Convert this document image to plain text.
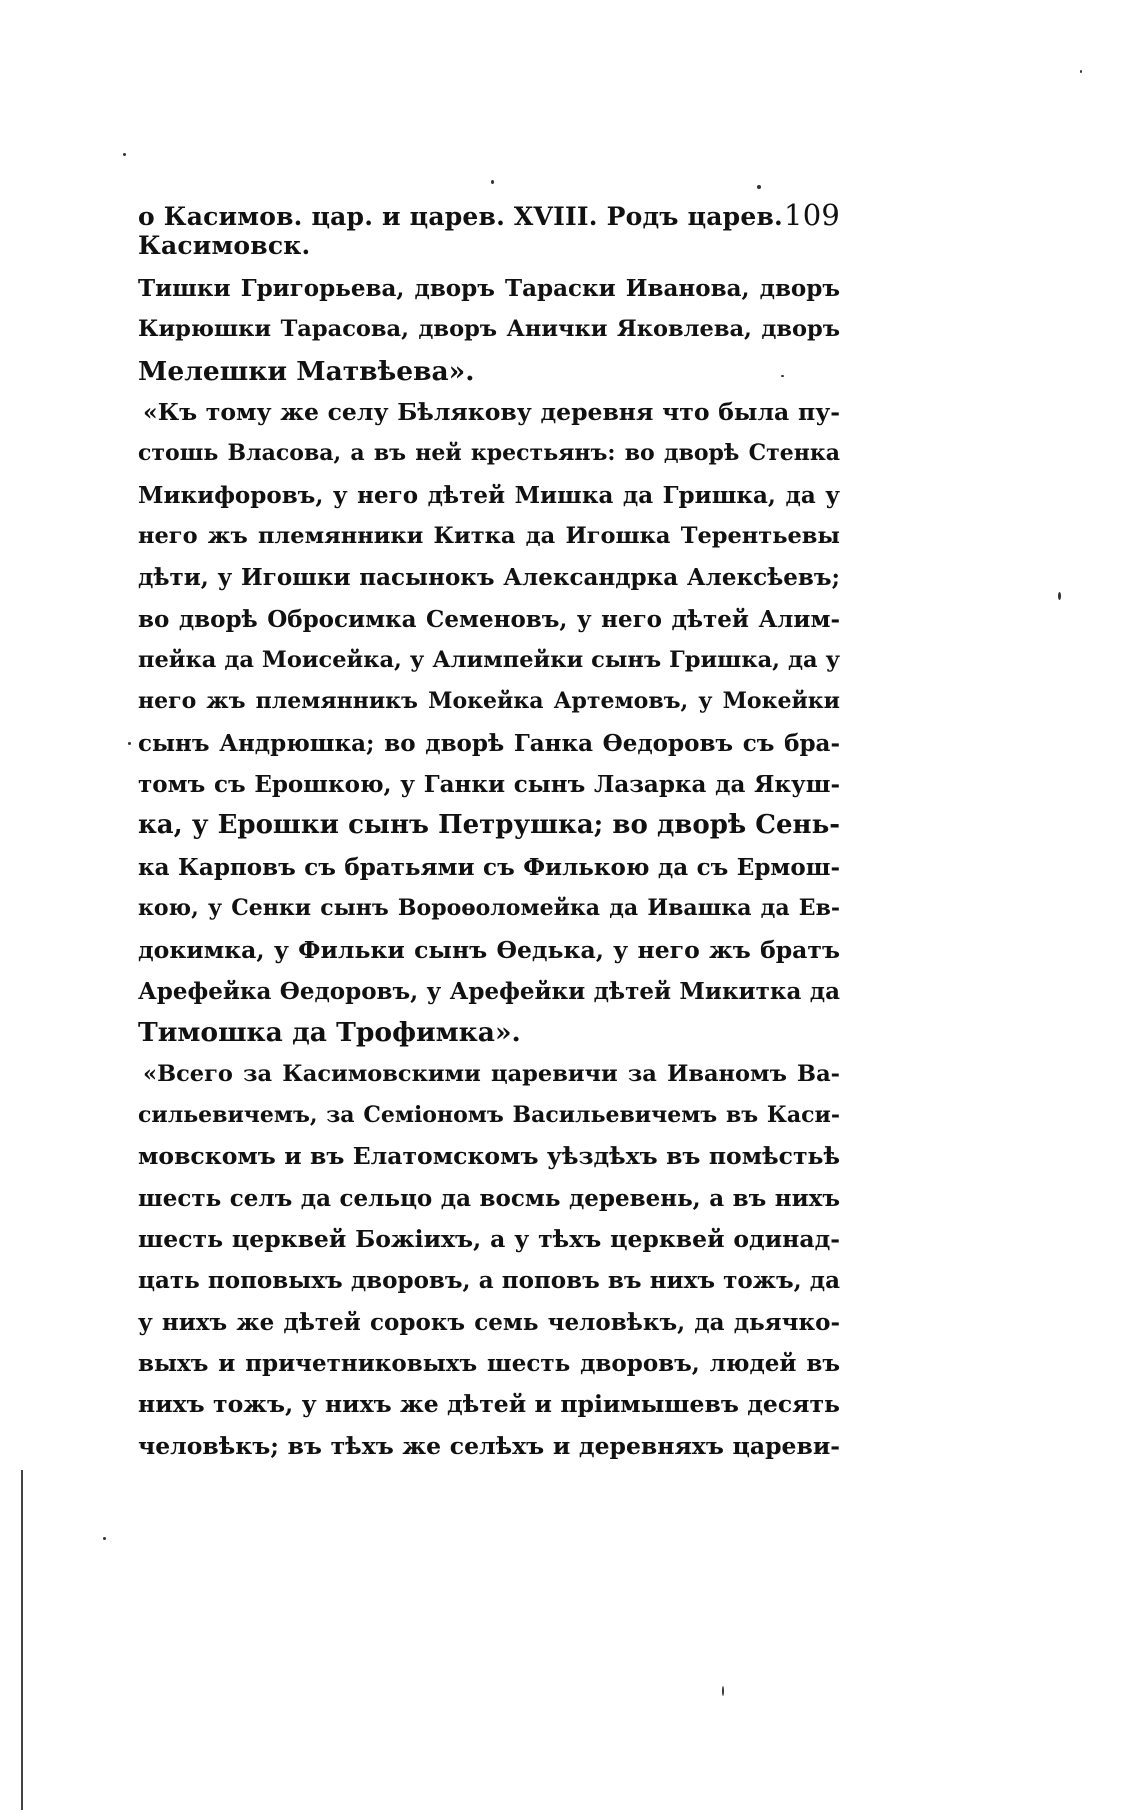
о Касимов. цар. и царев. XVIII. Родъ царев. Касимовск.
109
Тишки Григорьева, дворъ Тараски Иванова, дворъ
Кирюшки Тарасова, дворъ Анички Яковлева, дворъ
Мелешки Матвѣева».
«Къ тому же селу Бѣлякову деревня что была пу-
стошь Власова, а въ ней крестьянъ: во дворѣ Стенка
Микифоровъ, у него дѣтей Мишка да Гришка, да у
него жъ племянники Китка да Игошка Терентьевы
дѣти, у Игошки пасынокъ Александрка Алексѣевъ;
во дворѣ Обросимка Семеновъ, у него дѣтей Алим-
пейка да Моисейка, у Алимпейки сынъ Гришка, да у
него жъ племянникъ Мокейка Артемовъ, у Мокейки
сынъ Андрюшка; во дворѣ Ганка Ѳедоровъ съ бра-
томъ съ Ерошкою, у Ганки сынъ Лазарка да Якуш-
ка, у Ерошки сынъ Петрушка; во дворѣ Сень-
ка Карповъ съ братьями съ Филькою да съ Ермош-
кою, у Сенки сынъ Вороѳоломейка да Ивашка да Ев-
докимка, у Фильки сынъ Ѳедька, у него жъ братъ
Арефейка Ѳедоровъ, у Арефейки дѣтей Микитка да
Тимошка да Трофимка».
«Всего за Касимовскими царевичи за Иваномъ Ва-
сильевичемъ, за Семіономъ Васильевичемъ въ Каси-
мовскомъ и въ Елатомскомъ уѣздѣхъ въ помѣстьѣ
шесть селъ да сельцо да восмь деревень, а въ нихъ
шесть церквей Божіихъ, а у тѣхъ церквей одинад-
цать поповыхъ дворовъ, а поповъ въ нихъ тожъ, да
у нихъ же дѣтей сорокъ семь человѣкъ, да дьячко-
выхъ и причетниковыхъ шесть дворовъ, людей въ
нихъ тожъ, у нихъ же дѣтей и пріимышевъ десять
человѣкъ; въ тѣхъ же селѣхъ и деревняхъ цареви-
